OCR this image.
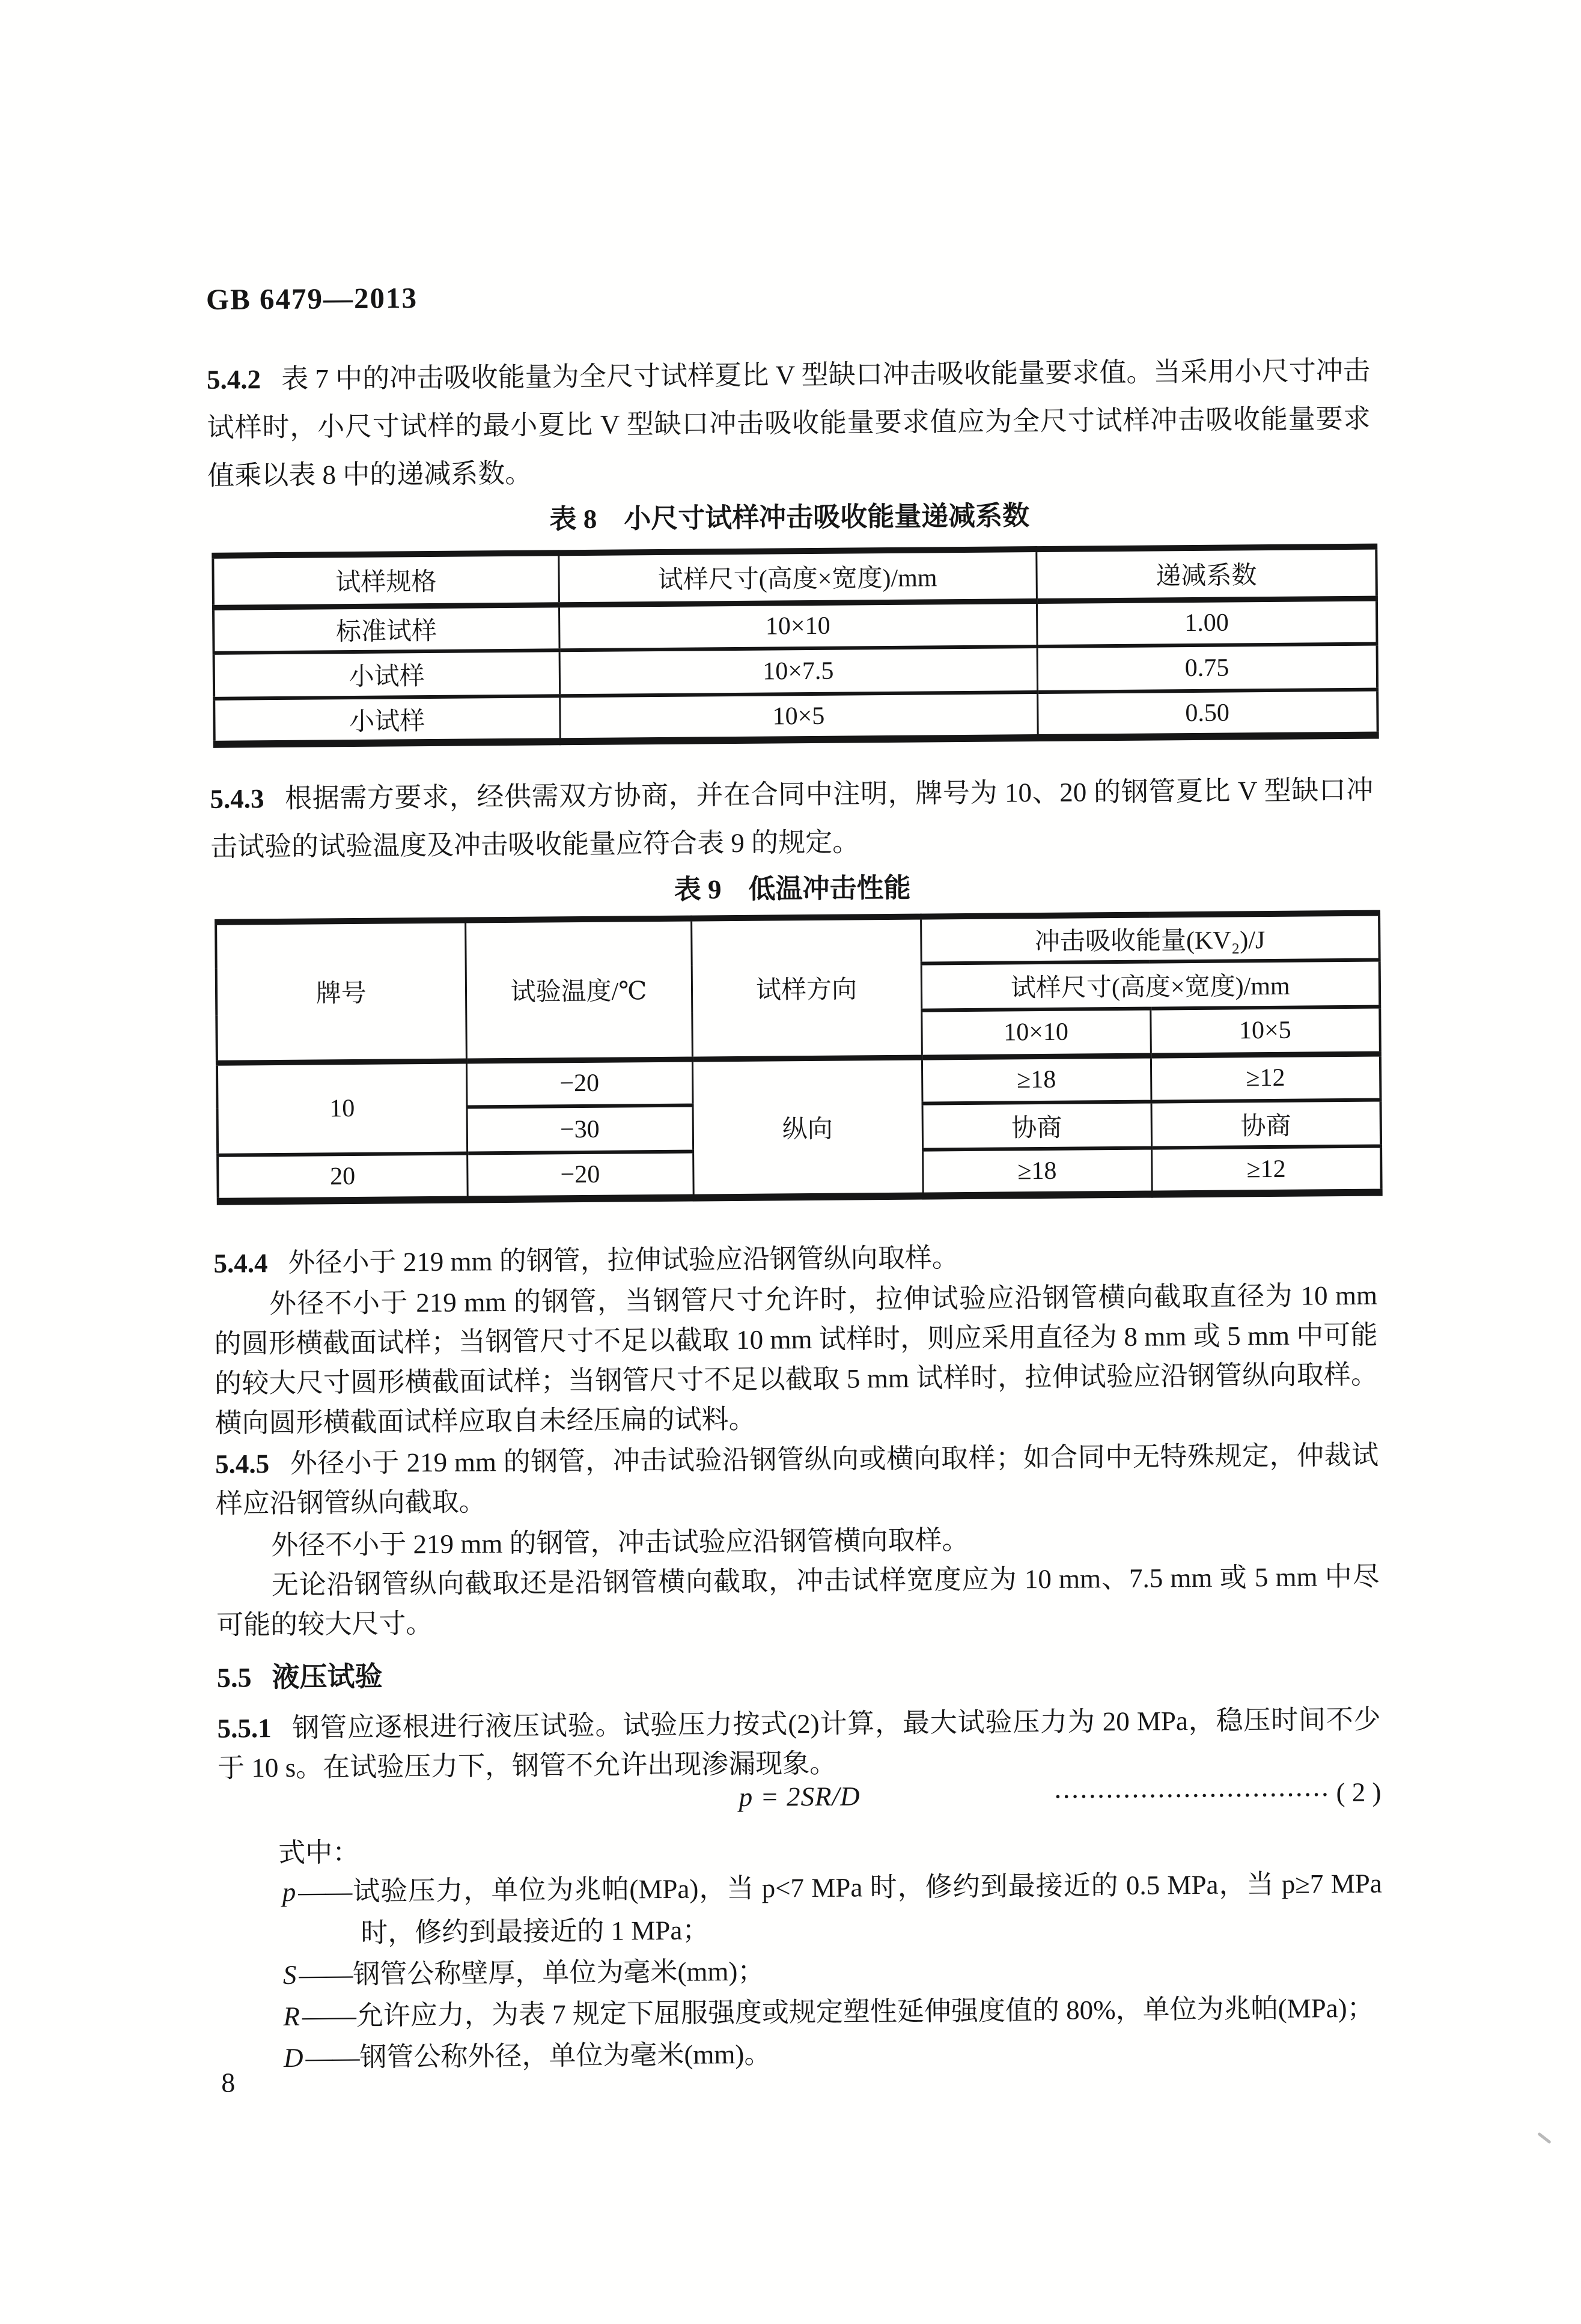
GB 6479—2013
5.4.2 表 7 中的冲击吸收能量为全尺寸试样夏比 V 型缺口冲击吸收能量要求值。当采用小尺寸冲击试样时，小尺寸试样的最小夏比 V 型缺口冲击吸收能量要求值应为全尺寸试样冲击吸收能量要求值乘以表 8 中的递减系数。
表 8　小尺寸试样冲击吸收能量递减系数
试样规格	试样尺寸(高度×宽度)/mm	递减系数
标准试样	10×10	1.00
小试样	10×7.5	0.75
小试样	10×5	0.50
5.4.3 根据需方要求，经供需双方协商，并在合同中注明，牌号为 10、20 的钢管夏比 V 型缺口冲击试验的试验温度及冲击吸收能量应符合表 9 的规定。
表 9　低温冲击性能
牌号	试验温度/℃	试样方向	冲击吸收能量(KV₂)/J	
			试样尺寸(高度×宽度)/mm	
			10×10	10×5
10	−20	纵向	≥18	≥12
	−30		协商	协商
20	−20		≥18	≥12
5.4.4 外径小于 219 mm 的钢管，拉伸试验应沿钢管纵向取样。
外径不小于 219 mm 的钢管，当钢管尺寸允许时，拉伸试验应沿钢管横向截取直径为 10 mm 的圆形横截面试样；当钢管尺寸不足以截取 10 mm 试样时，则应采用直径为 8 mm 或 5 mm 中可能的较大尺寸圆形横截面试样；当钢管尺寸不足以截取 5 mm 试样时，拉伸试验应沿钢管纵向取样。横向圆形横截面试样应取自未经压扁的试料。
5.4.5 外径小于 219 mm 的钢管，冲击试验沿钢管纵向或横向取样；如合同中无特殊规定，仲裁试样应沿钢管纵向截取。
外径不小于 219 mm 的钢管，冲击试验应沿钢管横向取样。
无论沿钢管纵向截取还是沿钢管横向截取，冲击试样宽度应为 10 mm、7.5 mm 或 5 mm 中尽可能的较大尺寸。
5.5 液压试验
5.5.1 钢管应逐根进行液压试验。试验压力按式(2)计算，最大试验压力为 20 MPa，稳压时间不少于 10 s。在试验压力下，钢管不允许出现渗漏现象。
p = 2SR/D	································ ( 2 )
式中：
p——试验压力，单位为兆帕(MPa)，当 p<7 MPa 时，修约到最接近的 0.5 MPa，当 p≥7 MPa 时，修约到最接近的 1 MPa；
S——钢管公称壁厚，单位为毫米(mm)；
R——允许应力，为表 7 规定下屈服强度或规定塑性延伸强度值的 80%，单位为兆帕(MPa)；
D——钢管公称外径，单位为毫米(mm)。
8
